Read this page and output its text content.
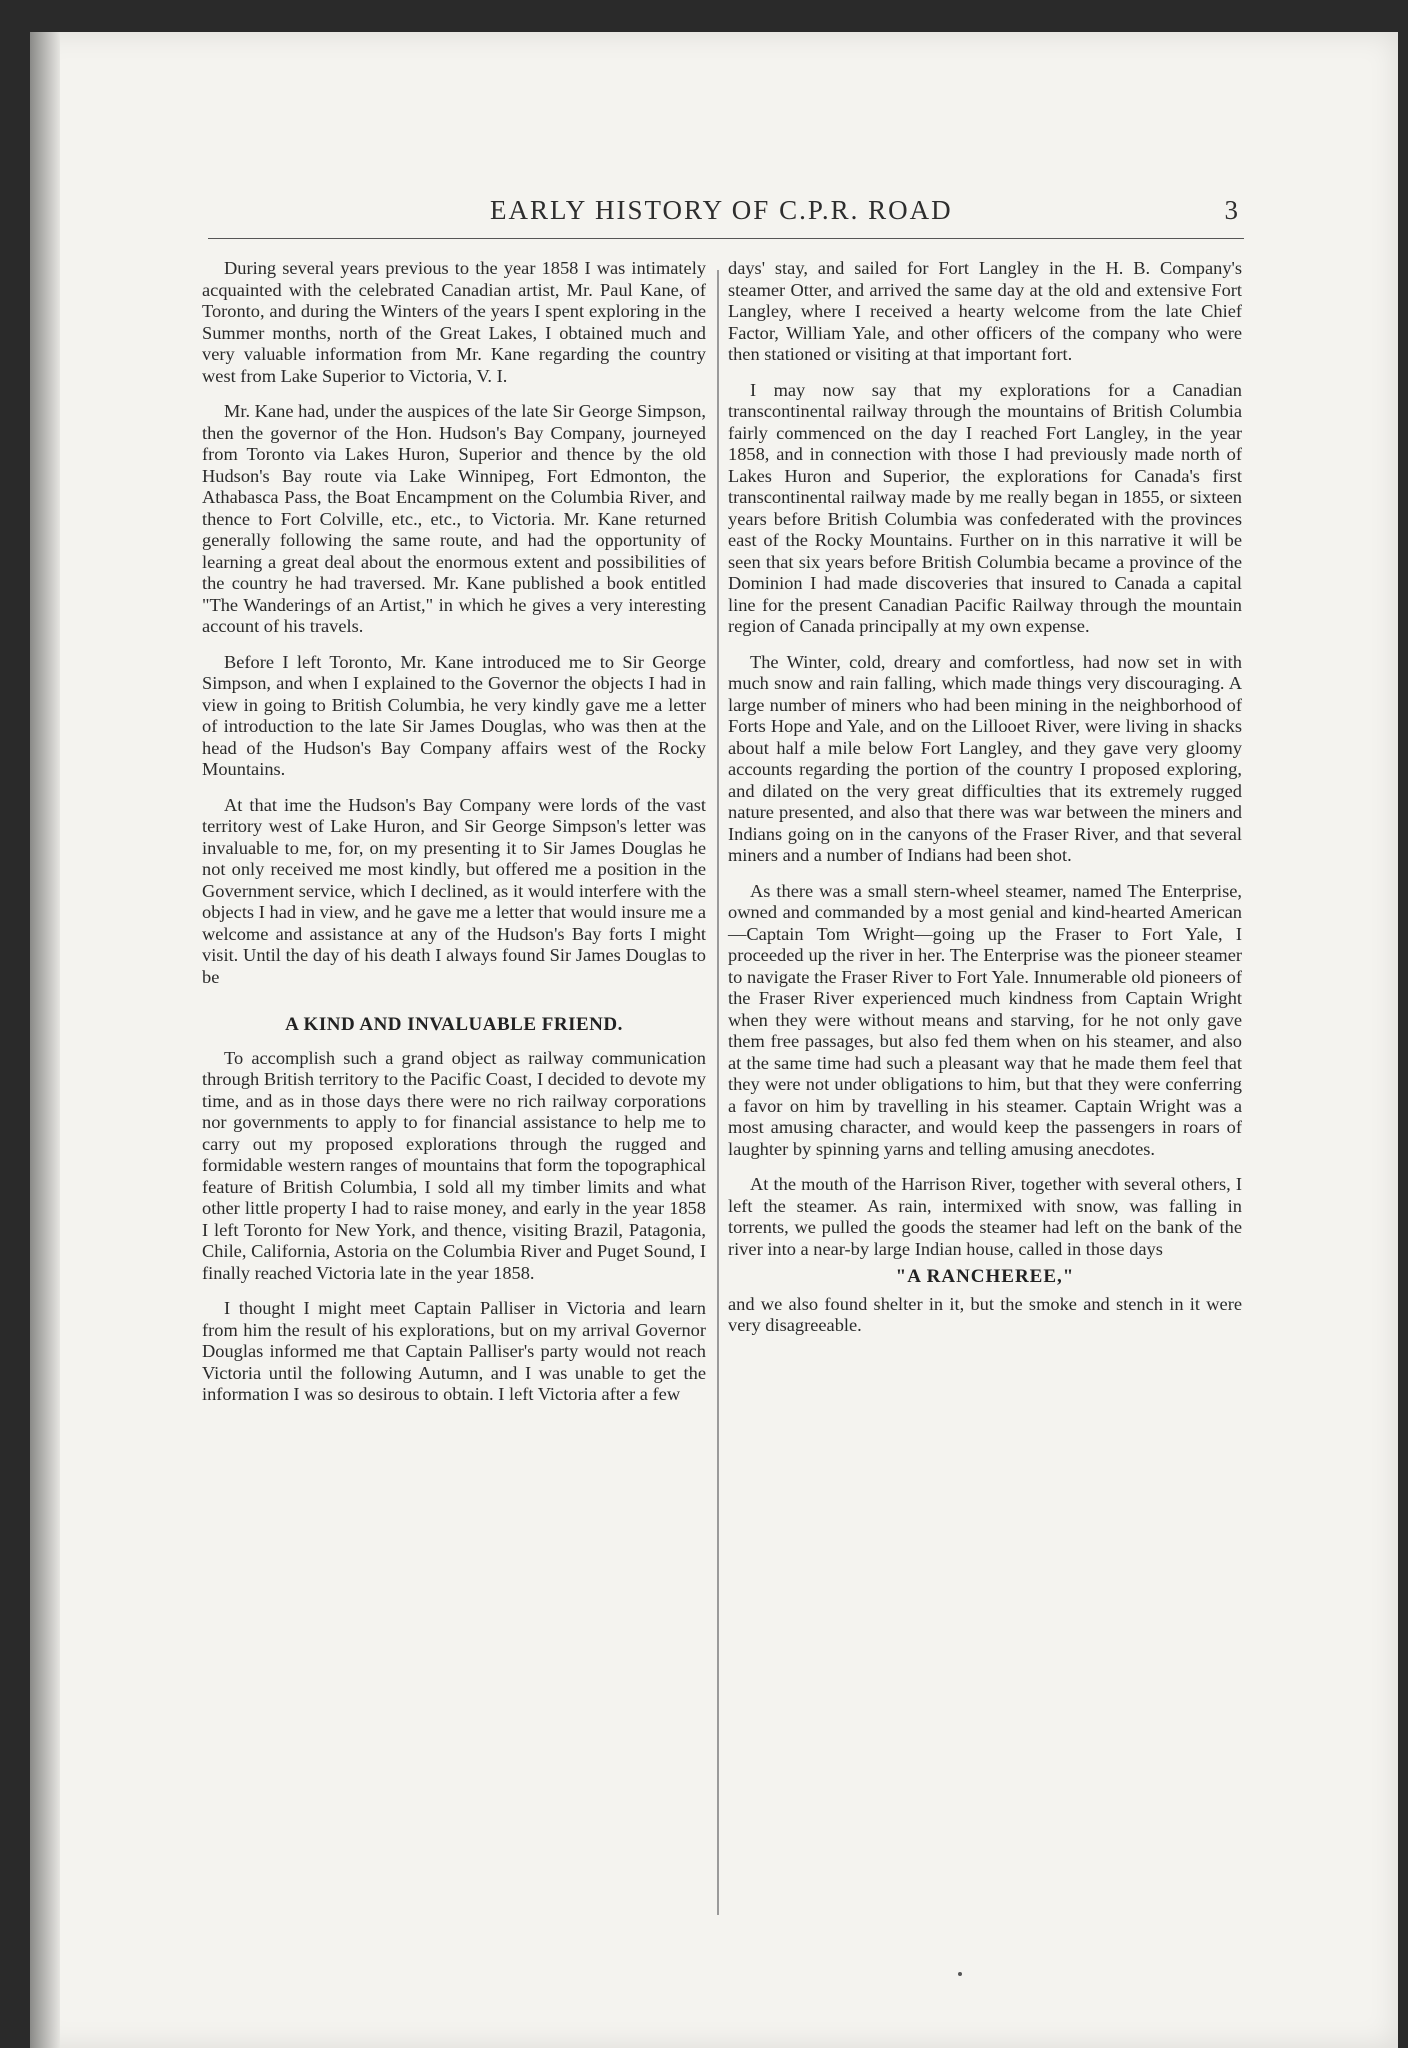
EARLY HISTORY OF C.P.R. ROAD	3

During several years previous to the year 1858 I was intimately acquainted with the celebrated Canadian artist, Mr. Paul Kane, of Toronto, and during the Winters of the years I spent exploring in the Summer months, north of the Great Lakes, I obtained much and very valuable information from Mr. Kane regarding the country west from Lake Superior to Victoria, V. I.

Mr. Kane had, under the auspices of the late Sir George Simpson, then the governor of the Hon. Hudson's Bay Company, journeyed from Toronto via Lakes Huron, Superior and thence by the old Hudson's Bay route via Lake Winnipeg, Fort Edmonton, the Athabasca Pass, the Boat Encampment on the Columbia River, and thence to Fort Colville, etc., etc., to Victoria. Mr. Kane returned generally following the same route, and had the opportunity of learning a great deal about the enormous extent and possibilities of the country he had traversed. Mr. Kane published a book entitled "The Wanderings of an Artist," in which he gives a very interesting account of his travels.

Before I left Toronto, Mr. Kane introduced me to Sir George Simpson, and when I explained to the Governor the objects I had in view in going to British Columbia, he very kindly gave me a letter of introduction to the late Sir James Douglas, who was then at the head of the Hudson's Bay Company affairs west of the Rocky Mountains.

At that ime the Hudson's Bay Company were lords of the vast territory west of Lake Huron, and Sir George Simpson's letter was invaluable to me, for, on my presenting it to Sir James Douglas he not only received me most kindly, but offered me a position in the Government service, which I declined, as it would interfere with the objects I had in view, and he gave me a letter that would insure me a welcome and assistance at any of the Hudson's Bay forts I might visit. Until the day of his death I always found Sir James Douglas to be

A KIND AND INVALUABLE FRIEND.

To accomplish such a grand object as railway communication through British territory to the Pacific Coast, I decided to devote my time, and as in those days there were no rich railway corporations nor governments to apply to for financial assistance to help me to carry out my proposed explorations through the rugged and formidable western ranges of mountains that form the topographical feature of British Columbia, I sold all my timber limits and what other little property I had to raise money, and early in the year 1858 I left Toronto for New York, and thence, visiting Brazil, Patagonia, Chile, California, Astoria on the Columbia River and Puget Sound, I finally reached Victoria late in the year 1858.

I thought I might meet Captain Palliser in Victoria and learn from him the result of his explorations, but on my arrival Governor Douglas informed me that Captain Palliser's party would not reach Victoria until the following Autumn, and I was unable to get the information I was so desirous to obtain. I left Victoria after a few

days' stay, and sailed for Fort Langley in the H. B. Company's steamer Otter, and arrived the same day at the old and extensive Fort Langley, where I received a hearty welcome from the late Chief Factor, William Yale, and other officers of the company who were then stationed or visiting at that important fort.

I may now say that my explorations for a Canadian transcontinental railway through the mountains of British Columbia fairly commenced on the day I reached Fort Langley, in the year 1858, and in connection with those I had previously made north of Lakes Huron and Superior, the explorations for Canada's first transcontinental railway made by me really began in 1855, or sixteen years before British Columbia was confederated with the provinces east of the Rocky Mountains. Further on in this narrative it will be seen that six years before British Columbia became a province of the Dominion I had made discoveries that insured to Canada a capital line for the present Canadian Pacific Railway through the mountain region of Canada principally at my own expense.

The Winter, cold, dreary and comfortless, had now set in with much snow and rain falling, which made things very discouraging. A large number of miners who had been mining in the neighborhood of Forts Hope and Yale, and on the Lillooet River, were living in shacks about half a mile below Fort Langley, and they gave very gloomy accounts regarding the portion of the country I proposed exploring, and dilated on the very great difficulties that its extremely rugged nature presented, and also that there was war between the miners and Indians going on in the canyons of the Fraser River, and that several miners and a number of Indians had been shot.

As there was a small stern-wheel steamer, named The Enterprise, owned and commanded by a most genial and kind-hearted American—Captain Tom Wright—going up the Fraser to Fort Yale, I proceeded up the river in her. The Enterprise was the pioneer steamer to navigate the Fraser River to Fort Yale. Innumerable old pioneers of the Fraser River experienced much kindness from Captain Wright when they were without means and starving, for he not only gave them free passages, but also fed them when on his steamer, and also at the same time had such a pleasant way that he made them feel that they were not under obligations to him, but that they were conferring a favor on him by travelling in his steamer. Captain Wright was a most amusing character, and would keep the passengers in roars of laughter by spinning yarns and telling amusing anecdotes.

At the mouth of the Harrison River, together with several others, I left the steamer. As rain, intermixed with snow, was falling in torrents, we pulled the goods the steamer had left on the bank of the river into a near-by large Indian house, called in those days

"A RANCHEREE,"

and we also found shelter in it, but the smoke and stench in it were very disagreeable.
